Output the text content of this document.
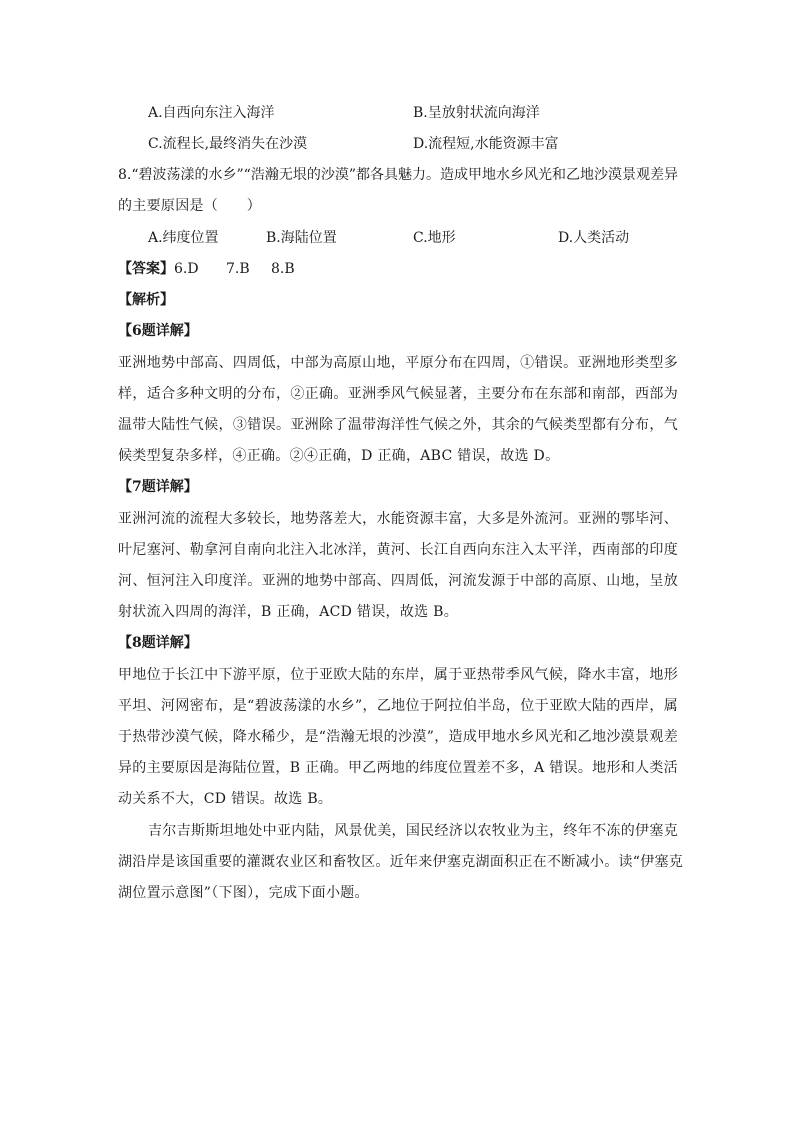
A.自西向东注入海洋	B.呈放射状流向海洋
C.流程长,最终消失在沙漠	D.流程短,水能资源丰富
8.“碧波荡漾的水乡”“浩瀚无垠的沙漠”都各具魅力。造成甲地水乡风光和乙地沙漠景观差异
的主要原因是（　　）
A.纬度位置	B.海陆位置	C.地形	D.人类活动
【答案】 6.D 7.B 8.B
【解析】
【6题详解】
亚洲地势中部高、四周低，中部为高原山地，平原分布在四周，①错误。亚洲地形类型多
样，适合多种文明的分布，②正确。亚洲季风气候显著，主要分布在东部和南部，西部为
温带大陆性气候，③错误。亚洲除了温带海洋性气候之外，其余的气候类型都有分布，气
候类型复杂多样，④正确。②④正确，D 正确，ABC 错误，故选 D。
【7题详解】
亚洲河流的流程大多较长，地势落差大，水能资源丰富，大多是外流河。亚洲的鄂毕河、
叶尼塞河、勒拿河自南向北注入北冰洋，黄河、长江自西向东注入太平洋，西南部的印度
河、恒河注入印度洋。亚洲的地势中部高、四周低，河流发源于中部的高原、山地，呈放
射状流入四周的海洋，B 正确，ACD 错误，故选 B。
【8题详解】
甲地位于长江中下游平原，位于亚欧大陆的东岸，属于亚热带季风气候，降水丰富，地形
平坦、河网密布，是“碧波荡漾的水乡”，乙地位于阿拉伯半岛，位于亚欧大陆的西岸，属
于热带沙漠气候，降水稀少，是“浩瀚无垠的沙漠”，造成甲地水乡风光和乙地沙漠景观差
异的主要原因是海陆位置，B 正确。甲乙两地的纬度位置差不多，A 错误。地形和人类活
动关系不大，CD 错误。故选 B。
吉尔吉斯斯坦地处中亚内陆，风景优美，国民经济以农牧业为主，终年不冻的伊塞克
湖沿岸是该国重要的灌溉农业区和畜牧区。近年来伊塞克湖面积正在不断减小。读“伊塞克
湖位置示意图”（下图），完成下面小题。
